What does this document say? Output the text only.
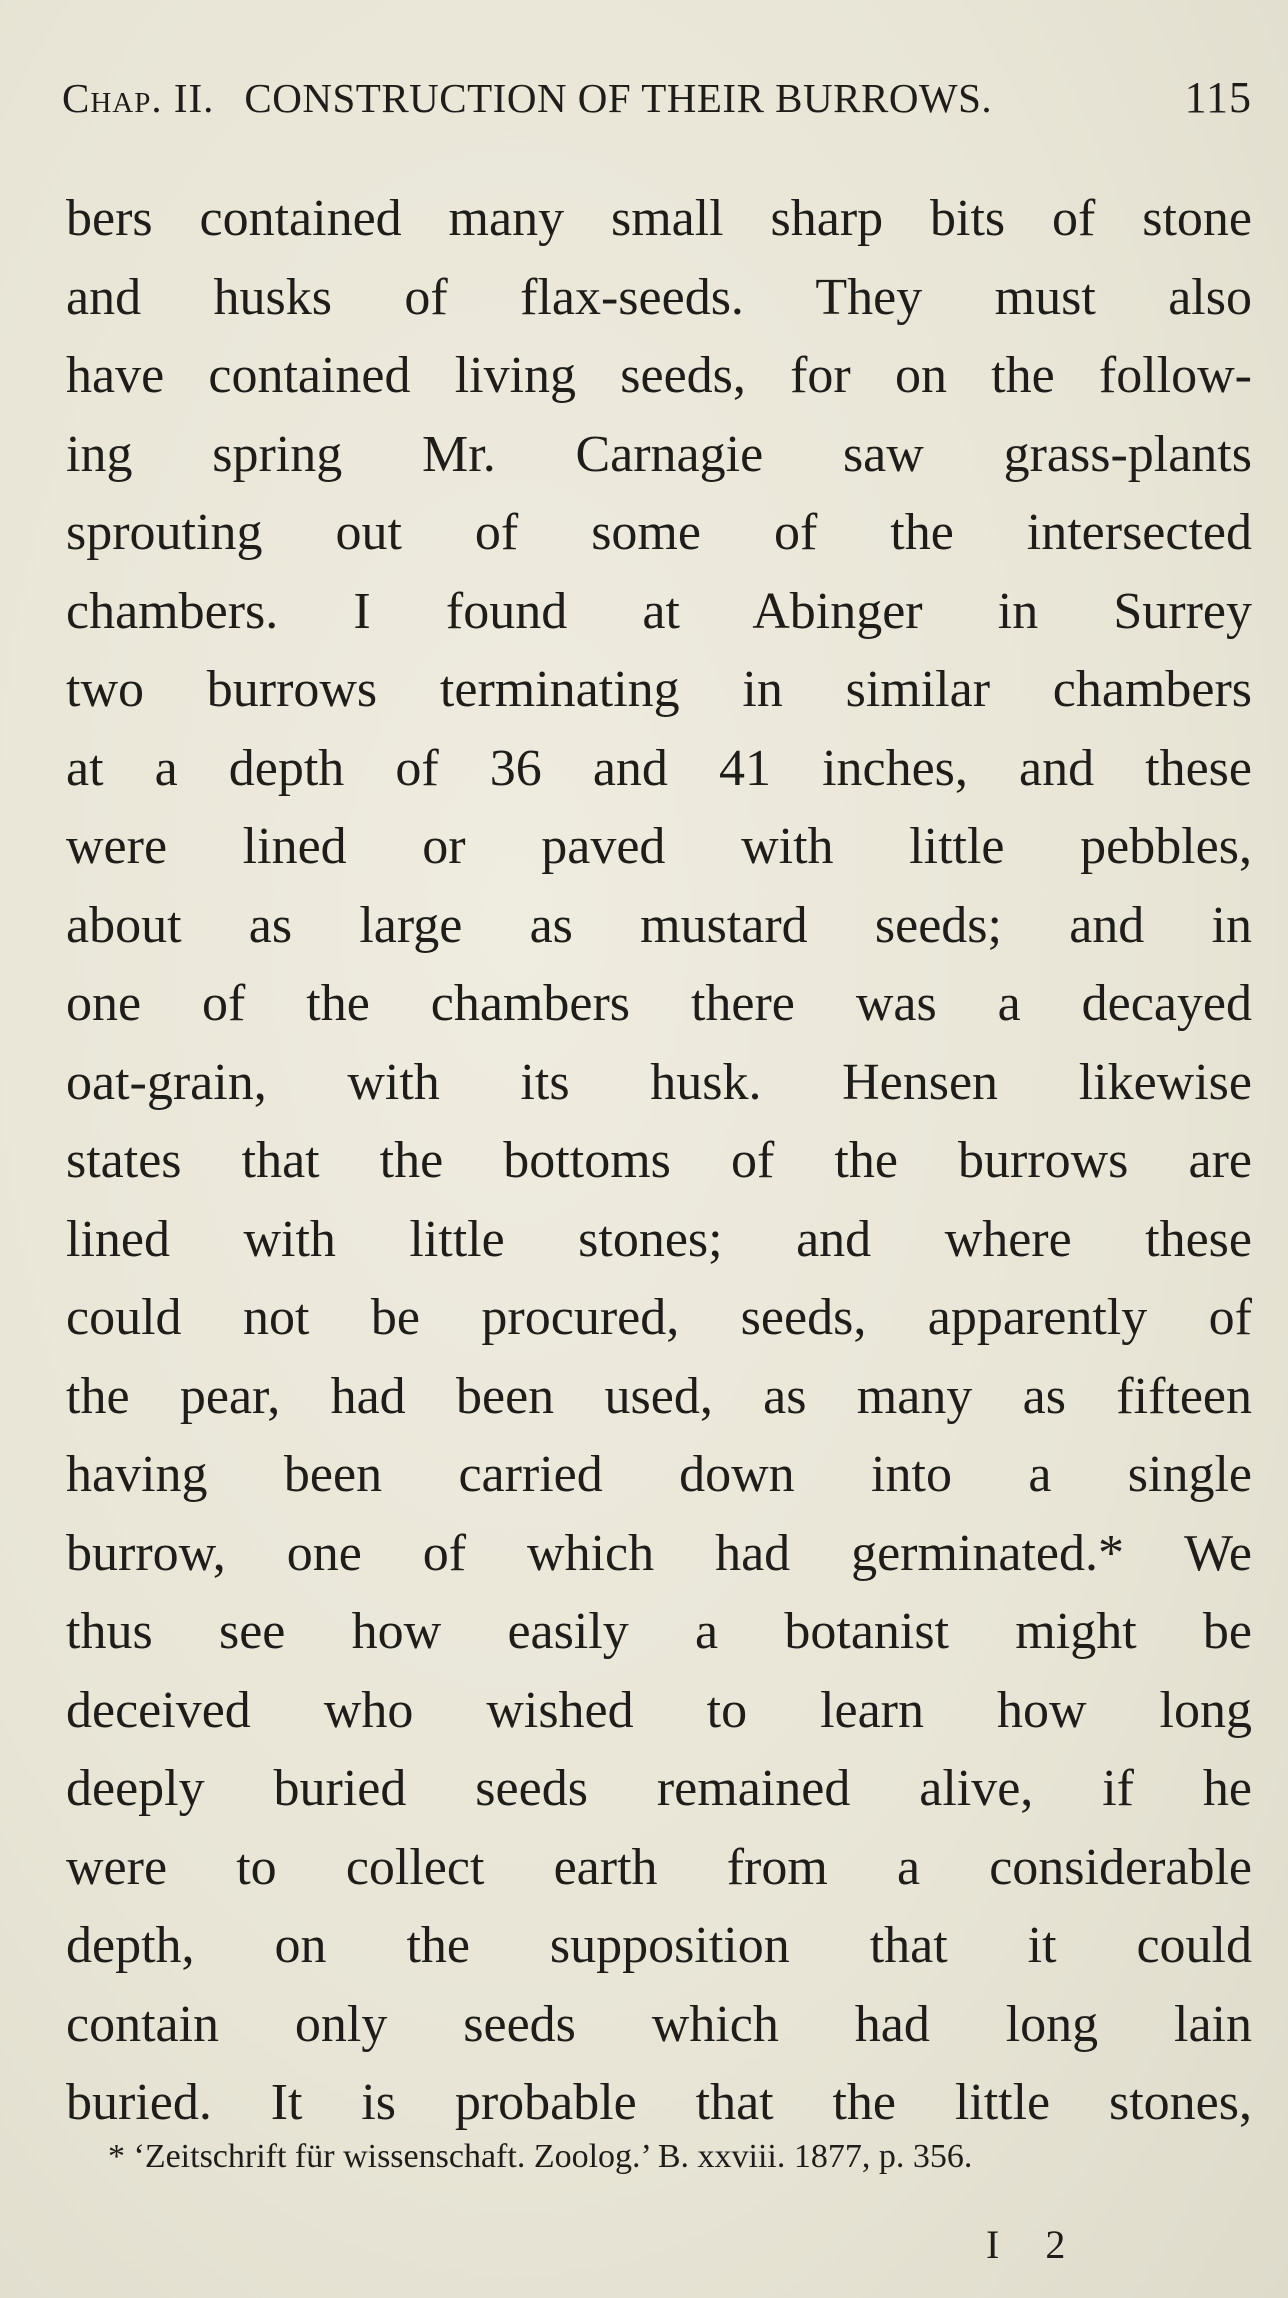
Chap. II. CONSTRUCTION OF THEIR BURROWS.	115
bers contained many small sharp bits of stone
and husks of flax-seeds. They must also
have contained living seeds, for on the follow-
ing spring Mr. Carnagie saw grass-plants
sprouting out of some of the intersected
chambers. I found at Abinger in Surrey
two burrows terminating in similar chambers
at a depth of 36 and 41 inches, and these
were lined or paved with little pebbles,
about as large as mustard seeds; and in
one of the chambers there was a decayed
oat-grain, with its husk. Hensen likewise
states that the bottoms of the burrows are
lined with little stones; and where these
could not be procured, seeds, apparently of
the pear, had been used, as many as fifteen
having been carried down into a single
burrow, one of which had germinated.* We
thus see how easily a botanist might be
deceived who wished to learn how long
deeply buried seeds remained alive, if he
were to collect earth from a considerable
depth, on the supposition that it could
contain only seeds which had long lain
buried. It is probable that the little stones,
* ‘Zeitschrift für wissenschaft. Zoolog.’ B. xxviii. 1877, p. 356.
I 2
